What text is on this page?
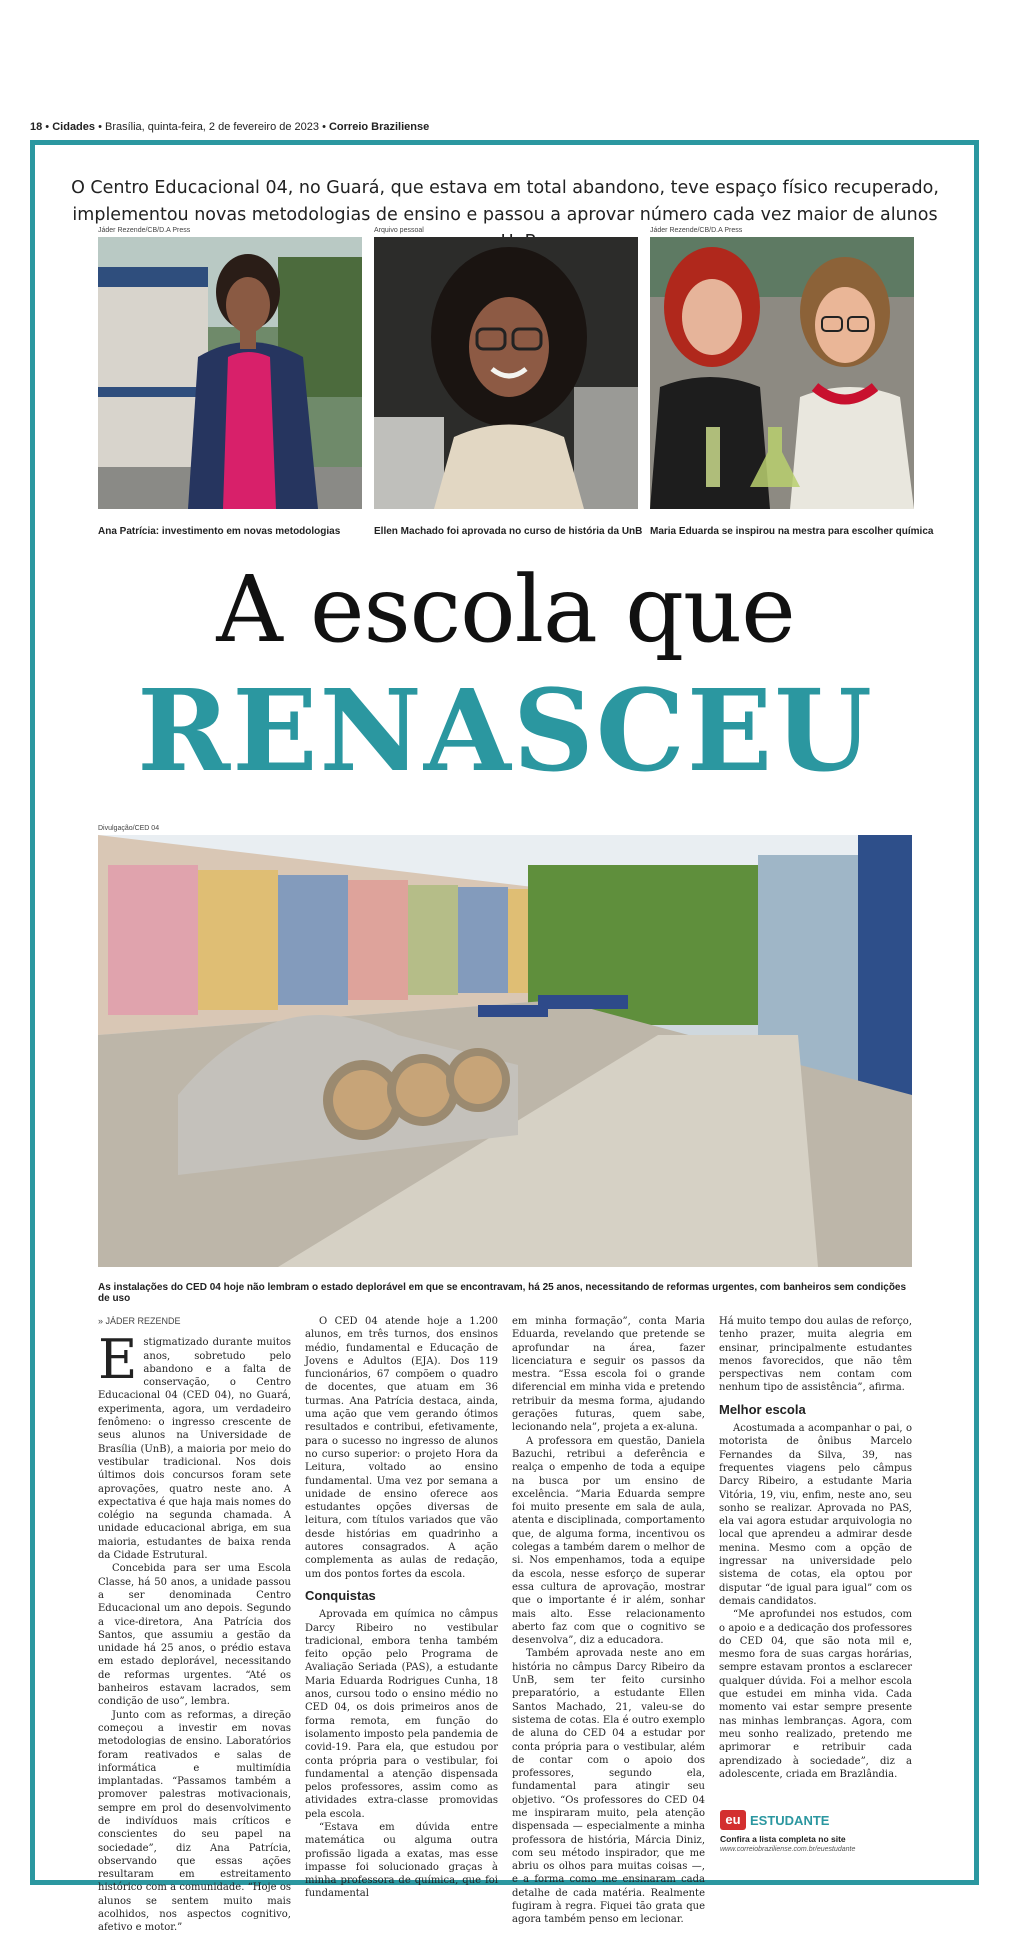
18 • Cidades • Brasília, quinta-feira, 2 de fevereiro de 2023 • Correio Braziliense
O Centro Educacional 04, no Guará, que estava em total abandono, teve espaço físico recuperado, implementou novas metodologias de ensino e passou a aprovar número cada vez maior de alunos
Jáder Rezende/CB/D.A Press
Ana Patrícia: investimento em novas metodologias
Arquivo pessoal
Ellen Machado foi aprovada no curso de história da UnB
Jáder Rezende/CB/D.A Press
Maria Eduarda se inspirou na mestra para escolher química
A escola que
RENASCEU
Divulgação/CED 04
As instalações do CED 04 hoje não lembram o estado deplorável em que se encontravam, há 25 anos, necessitando de reformas urgentes, com banheiros sem condições de uso
» JÁDER REZENDE

Estigmatizado durante muitos anos, sobretudo pelo abandono e a falta de conservação, o Centro Educacional 04 (CED 04), no Guará, experimenta, agora, um verdadeiro fenômeno: o ingresso crescente de seus alunos na Universidade de Brasília (UnB), a maioria por meio do vestibular tradicional. Nos dois últimos dois concursos foram sete aprovações, quatro neste ano. A expectativa é que haja mais nomes do colégio na segunda chamada. A unidade educacional abriga, em sua maioria, estudantes de baixa renda da Cidade Estrutural.

Concebida para ser uma Escola Classe, há 50 anos, a unidade passou a ser denominada Centro Educacional um ano depois. Segundo a vice-diretora, Ana Patrícia dos Santos, que assumiu a gestão da unidade há 25 anos, o prédio estava em estado deplorável, necessitando de reformas urgentes. “Até os banheiros estavam lacrados, sem condição de uso”, lembra.

Junto com as reformas, a direção começou a investir em novas metodologias de ensino. Laboratórios foram reativados e salas de informática e multimídia implantadas. “Passamos também a promover palestras motivacionais, sempre em prol do desenvolvimento de indivíduos mais críticos e conscientes do seu papel na sociedade”, diz Ana Patrícia, observando que essas ações resultaram em estreitamento histórico com a comunidade. “Hoje os alunos se sentem muito mais acolhidos, nos aspectos cognitivo, afetivo e motor.”

O CED 04 atende hoje a 1.200 alunos, em três turnos, dos ensinos médio, fundamental e Educação de Jovens e Adultos (EJA). Dos 119 funcionários, 67 compõem o quadro de docentes, que atuam em 36 turmas. Ana Patrícia destaca, ainda, uma ação que vem gerando ótimos resultados e contribui, efetivamente, para o sucesso no ingresso de alunos no curso superior: o projeto Hora da Leitura, voltado ao ensino fundamental. Uma vez por semana a unidade de ensino oferece aos estudantes opções diversas de leitura, com títulos variados que vão desde histórias em quadrinho a autores consagrados. A ação complementa as aulas de redação, um dos pontos fortes da escola.

Conquistas

Aprovada em química no câmpus Darcy Ribeiro no vestibular tradicional, embora tenha também feito opção pelo Programa de Avaliação Seriada (PAS), a estudante Maria Eduarda Rodrigues Cunha, 18 anos, cursou todo o ensino médio no CED 04, os dois primeiros anos de forma remota, em função do isolamento imposto pela pandemia de covid-19. Para ela, que estudou por conta própria para o vestibular, foi fundamental a atenção dispensada pelos professores, assim como as atividades extra-classe promovidas pela escola.

“Estava em dúvida entre matemática ou alguma outra profissão ligada a exatas, mas esse impasse foi solucionado graças à minha professora de química, que foi fundamental

em minha formação”, conta Maria Eduarda, revelando que pretende se aprofundar na área, fazer licenciatura e seguir os passos da mestra. “Essa escola foi o grande diferencial em minha vida e pretendo retribuir da mesma forma, ajudando gerações futuras, quem sabe, lecionando nela”, projeta a ex-aluna.

A professora em questão, Daniela Bazuchi, retribui a deferência e realça o empenho de toda a equipe na busca por um ensino de excelência. “Maria Eduarda sempre foi muito presente em sala de aula, atenta e disciplinada, comportamento que, de alguma forma, incentivou os colegas a também darem o melhor de si. Nos empenhamos, toda a equipe da escola, nesse esforço de superar essa cultura de aprovação, mostrar que o importante é ir além, sonhar mais alto. Esse relacionamento aberto faz com que o cognitivo se desenvolva”, diz a educadora.

Também aprovada neste ano em história no câmpus Darcy Ribeiro da UnB, sem ter feito cursinho preparatório, a estudante Ellen Santos Machado, 21, valeu-se do sistema de cotas. Ela é outro exemplo de aluna do CED 04 a estudar por conta própria para o vestibular, além de contar com o apoio dos professores, segundo ela, fundamental para atingir seu objetivo. “Os professores do CED 04 me inspiraram muito, pela atenção dispensada — especialmente a minha professora de história, Márcia Diniz, com seu método inspirador, que me abriu os olhos para muitas coisas —, e a forma como me ensinaram cada detalhe de cada matéria. Realmente fugiram à regra. Fiquei tão grata que agora também penso em lecionar.

Há muito tempo dou aulas de reforço, tenho prazer, muita alegria em ensinar, principalmente estudantes menos favorecidos, que não têm perspectivas nem contam com nenhum tipo de assistência”, afirma.

Melhor escola

Acostumada a acompanhar o pai, o motorista de ônibus Marcelo Fernandes da Silva, 39, nas frequentes viagens pelo câmpus Darcy Ribeiro, a estudante Maria Vitória, 19, viu, enfim, neste ano, seu sonho se realizar. Aprovada no PAS, ela vai agora estudar arquivologia no local que aprendeu a admirar desde menina. Mesmo com a opção de ingressar na universidade pelo sistema de cotas, ela optou por disputar “de igual para igual” com os demais candidatos.

“Me aprofundei nos estudos, com o apoio e a dedicação dos professores do CED 04, que são nota mil e, mesmo fora de suas cargas horárias, sempre estavam prontos a esclarecer qualquer dúvida. Foi a melhor escola que estudei em minha vida. Cada momento vai estar sempre presente nas minhas lembranças. Agora, com meu sonho realizado, pretendo me aprimorar e retribuir cada aprendizado à sociedade”, diz a adolescente, criada em Brazlândia.

eu ESTUDANTE
Confira a lista completa no site
www.correiobraziliense.com.br/euestudante
